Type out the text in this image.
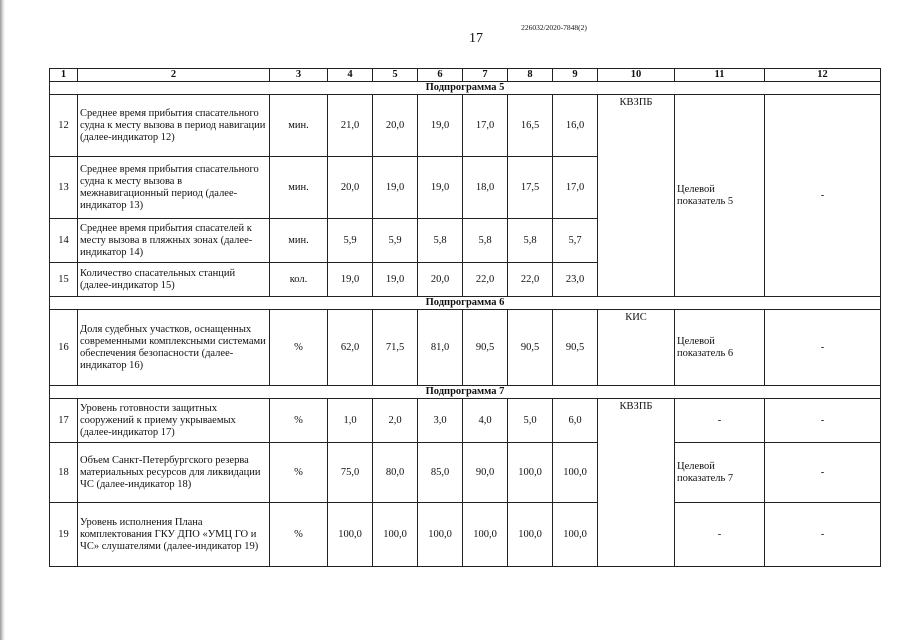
17
226032/2020-7848(2)
1	2	3	4	5	6	7	8	9	10	11	12
Подпрограмма 5											
12	Среднее время прибытия спасательного судна к месту вызова в период навигации (далее-индикатор 12)	мин.	21,0	20,0	19,0	17,0	16,5	16,0	КВЗПБ	Целевой показатель 5	-
13	Среднее время прибытия спасательного судна к месту вызова в межнавигационный период (далее-индикатор 13)	мин.	20,0	19,0	19,0	18,0	17,5	17,0			
14	Среднее время прибытия спасателей к месту вызова в пляжных зонах (далее-индикатор 14)	мин.	5,9	5,9	5,8	5,8	5,8	5,7			
15	Количество спасательных станций (далее-индикатор 15)	кол.	19,0	19,0	20,0	22,0	22,0	23,0			
Подпрограмма 6											
16	Доля судебных участков, оснащенных современными комплексными системами обеспечения безопасности (далее-индикатор 16)	%	62,0	71,5	81,0	90,5	90,5	90,5	КИС	Целевой показатель 6	-
Подпрограмма 7											
17	Уровень готовности защитных сооружений к приему укрываемых (далее-индикатор 17)	%	1,0	2,0	3,0	4,0	5,0	6,0	КВЗПБ	-	-
18	Объем Санкт-Петербургского резерва материальных ресурсов для ликвидации ЧС (далее-индикатор 18)	%	75,0	80,0	85,0	90,0	100,0	100,0		Целевой показатель 7	-
19	Уровень исполнения Плана комплектования ГКУ ДПО «УМЦ ГО и ЧС» слушателями (далее-индикатор 19)	%	100,0	100,0	100,0	100,0	100,0	100,0		-	-
